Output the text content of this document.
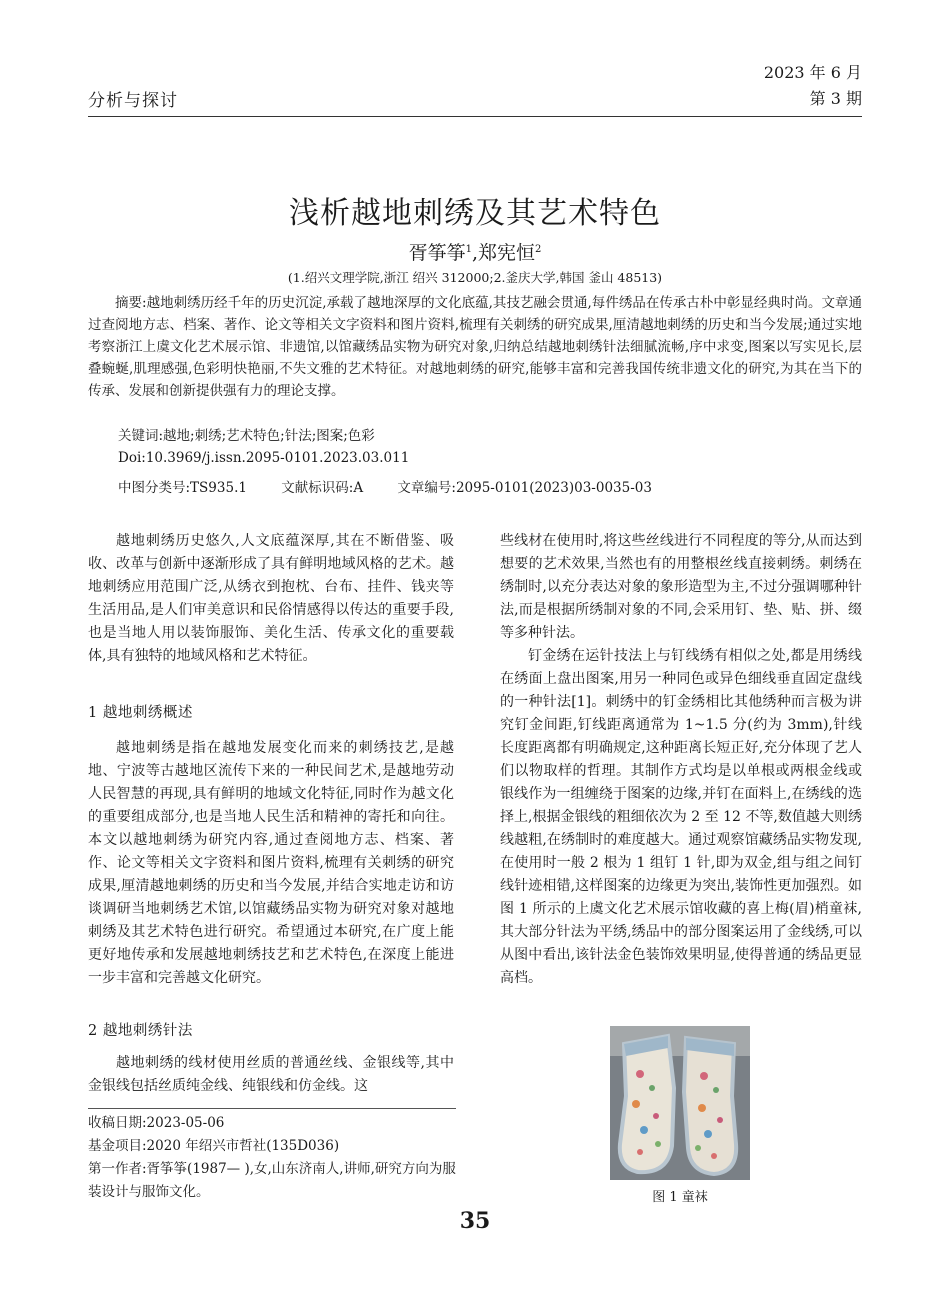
分析与探讨
2023 年 6 月
第 3 期
浅析越地刺绣及其艺术特色
胥筝筝$^1$,郑宪恒$^2$
(1.绍兴文理学院,浙江 绍兴 312000;2.釜庆大学,韩国 釜山 48513)

摘要:越地刺绣历经千年的历史沉淀,承载了越地深厚的文化底蕴,其技艺融会贯通,每件绣品在传承古朴中彰显经典时尚。文章通过查阅地方志、档案、著作、论文等相关文字资料和图片资料,梳理有关刺绣的研究成果,厘清越地刺绣的历史和当今发展;通过实地考察浙江上虞文化艺术展示馆、非遗馆,以馆藏绣品实物为研究对象,归纳总结越地刺绣针法细腻流畅,序中求变,图案以写实见长,层叠蜿蜒,肌理感强,色彩明快艳丽,不失文雅的艺术特征。对越地刺绣的研究,能够丰富和完善我国传统非遗文化的研究,为其在当下的传承、发展和创新提供强有力的理论支撑。

关键词:越地;刺绣;艺术特色;针法;图案;色彩
Doi:10.3969/j.issn.2095-0101.2023.03.011
中图分类号:TS935.1        文献标识码:A        文章编号:2095-0101(2023)03-0035-03

越地刺绣历史悠久,人文底蕴深厚,其在不断借鉴、吸收、改革与创新中逐渐形成了具有鲜明地域风格的艺术。越地刺绣应用范围广泛,从绣衣到抱枕、台布、挂件、钱夹等生活用品,是人们审美意识和民俗情感得以传达的重要手段,也是当地人用以装饰服饰、美化生活、传承文化的重要载体,具有独特的地域风格和艺术特征。

1 越地刺绣概述

越地刺绣是指在越地发展变化而来的刺绣技艺,是越地、宁波等古越地区流传下来的一种民间艺术,是越地劳动人民智慧的再现,具有鲜明的地域文化特征,同时作为越文化的重要组成部分,也是当地人民生活和精神的寄托和向往。本文以越地刺绣为研究内容,通过查阅地方志、档案、著作、论文等相关文字资料和图片资料,梳理有关刺绣的研究成果,厘清越地刺绣的历史和当今发展,并结合实地走访和访谈调研当地刺绣艺术馆,以馆藏绣品实物为研究对象对越地刺绣及其艺术特色进行研究。希望通过本研究,在广度上能更好地传承和发展越地刺绣技艺和艺术特色,在深度上能进一步丰富和完善越文化研究。

2 越地刺绣针法

越地刺绣的线材使用丝质的普通丝线、金银线等,其中金银线包括丝质纯金线、纯银线和仿金线。这

收稿日期:2023-05-06
基金项目:2020 年绍兴市哲社(135D036)
第一作者:胥筝筝(1987— ),女,山东济南人,讲师,研究方向为服装设计与服饰文化。

些线材在使用时,将这些丝线进行不同程度的等分,从而达到想要的艺术效果,当然也有的用整根丝线直接刺绣。刺绣在绣制时,以充分表达对象的象形造型为主,不过分强调哪种针法,而是根据所绣制对象的不同,会采用钉、垫、贴、拼、缀等多种针法。

钉金绣在运针技法上与钉线绣有相似之处,都是用绣线在绣面上盘出图案,用另一种同色或异色细线垂直固定盘线的一种针法[1]。刺绣中的钉金绣相比其他绣种而言极为讲究钉金间距,钉线距离通常为 1~1.5 分(约为 3mm),针线长度距离都有明确规定,这种距离长短正好,充分体现了艺人们以物取样的哲理。其制作方式均是以单根或两根金线或银线作为一组缠绕于图案的边缘,并钉在面料上,在绣线的选择上,根据金银线的粗细依次为 2 至 12 不等,数值越大则绣线越粗,在绣制时的难度越大。通过观察馆藏绣品实物发现,在使用时一般 2 根为 1 组钉 1 针,即为双金,组与组之间钉线针迹相错,这样图案的边缘更为突出,装饰性更加强烈。如图 1 所示的上虞文化艺术展示馆收藏的喜上梅(眉)梢童袜,其大部分针法为平绣,绣品中的部分图案运用了金线绣,可以从图中看出,该针法金色装饰效果明显,使得普通的绣品更显高档。

图 1 童袜
35
